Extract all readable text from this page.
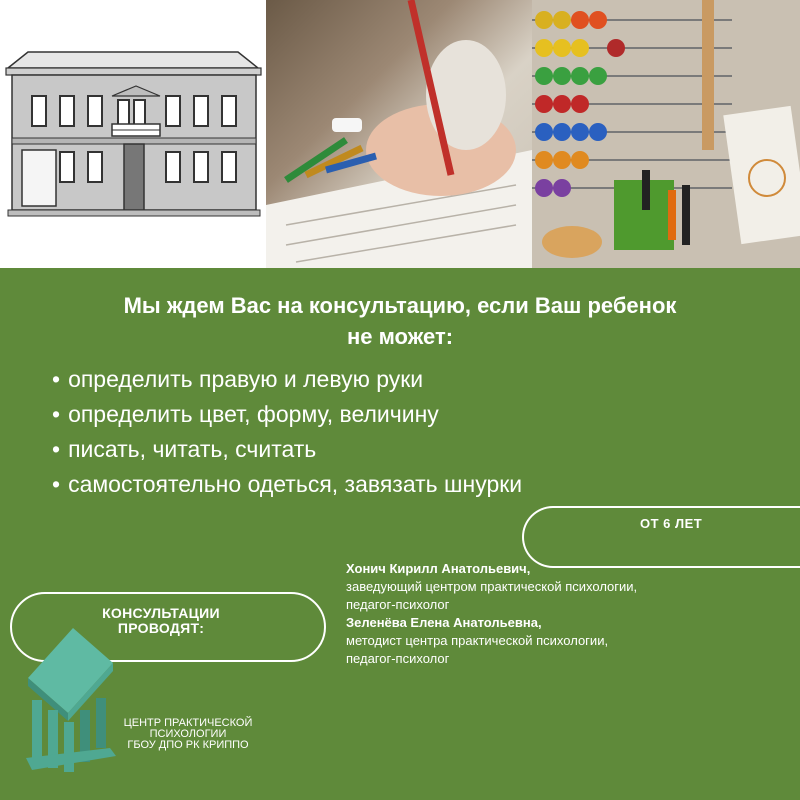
Мы ждем Вас на консультацию, если Ваш ребенок
не может:
• определить правую и левую руки
• определить цвет, форму, величину
• писать, читать, считать
• самостоятельно одеться, завязать шнурки
ОТ 6 ЛЕТ
КОНСУЛЬТАЦИИ
ПРОВОДЯТ:
Хонич Кирилл Анатольевич,
заведующий центром практической психологии,
педагог-психолог
Зеленёва Елена Анатольевна,
методист центра практической психологии,
педагог-психолог
ЦЕНТР ПРАКТИЧЕСКОЙ
ПСИХОЛОГИИ
ГБОУ ДПО РК КРИППО
